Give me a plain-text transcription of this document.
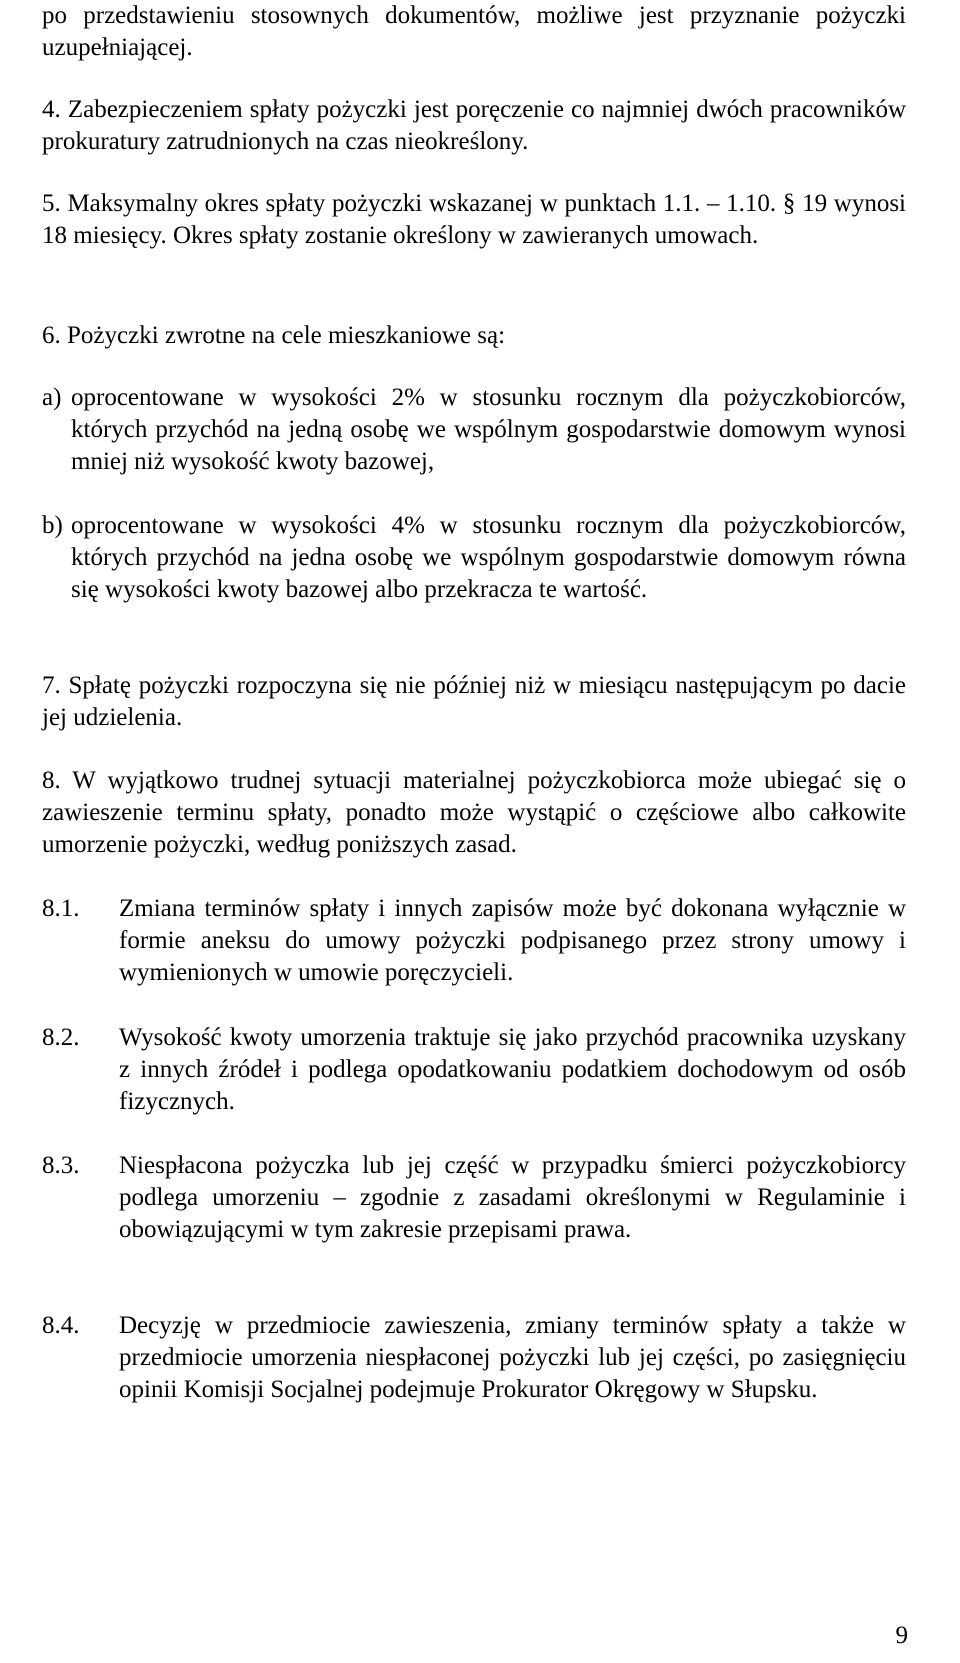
po przedstawieniu stosownych dokumentów, możliwe jest przyznanie pożyczki uzupełniającej.
4. Zabezpieczeniem spłaty pożyczki jest poręczenie co najmniej dwóch pracowników prokuratury zatrudnionych na czas nieokreślony.
5. Maksymalny okres spłaty pożyczki wskazanej w punktach 1.1. – 1.10. § 19 wynosi 18 miesięcy. Okres spłaty zostanie określony w zawieranych umowach.
6. Pożyczki zwrotne na cele mieszkaniowe są:
a) oprocentowane w wysokości 2% w stosunku rocznym dla pożyczkobiorców, których przychód na jedną osobę we wspólnym gospodarstwie domowym wynosi mniej niż wysokość kwoty bazowej,
b) oprocentowane w wysokości 4% w stosunku rocznym dla pożyczkobiorców, których przychód na jedna osobę we wspólnym gospodarstwie domowym równa się wysokości kwoty bazowej albo przekracza te wartość.
7. Spłatę pożyczki rozpoczyna się nie później niż w miesiącu następującym po dacie jej udzielenia.
8. W wyjątkowo trudnej sytuacji materialnej pożyczkobiorca może ubiegać się o zawieszenie terminu spłaty, ponadto może wystąpić o częściowe albo całkowite umorzenie pożyczki, według poniższych zasad.
8.1. Zmiana terminów spłaty i innych zapisów może być dokonana wyłącznie w formie aneksu do umowy pożyczki podpisanego przez strony umowy i wymienionych w umowie poręczycieli.
8.2. Wysokość kwoty umorzenia traktuje się jako przychód pracownika uzyskany z innych źródeł i podlega opodatkowaniu podatkiem dochodowym od osób fizycznych.
8.3. Niespłacona pożyczka lub jej część w przypadku śmierci pożyczkobiorcy podlega umorzeniu – zgodnie z zasadami określonymi w Regulaminie i obowiązującymi w tym zakresie przepisami prawa.
8.4. Decyzję w przedmiocie zawieszenia, zmiany terminów spłaty a także w przedmiocie umorzenia niespłaconej pożyczki lub jej części, po zasięgnięciu opinii Komisji Socjalnej podejmuje Prokurator Okręgowy w Słupsku.
9
